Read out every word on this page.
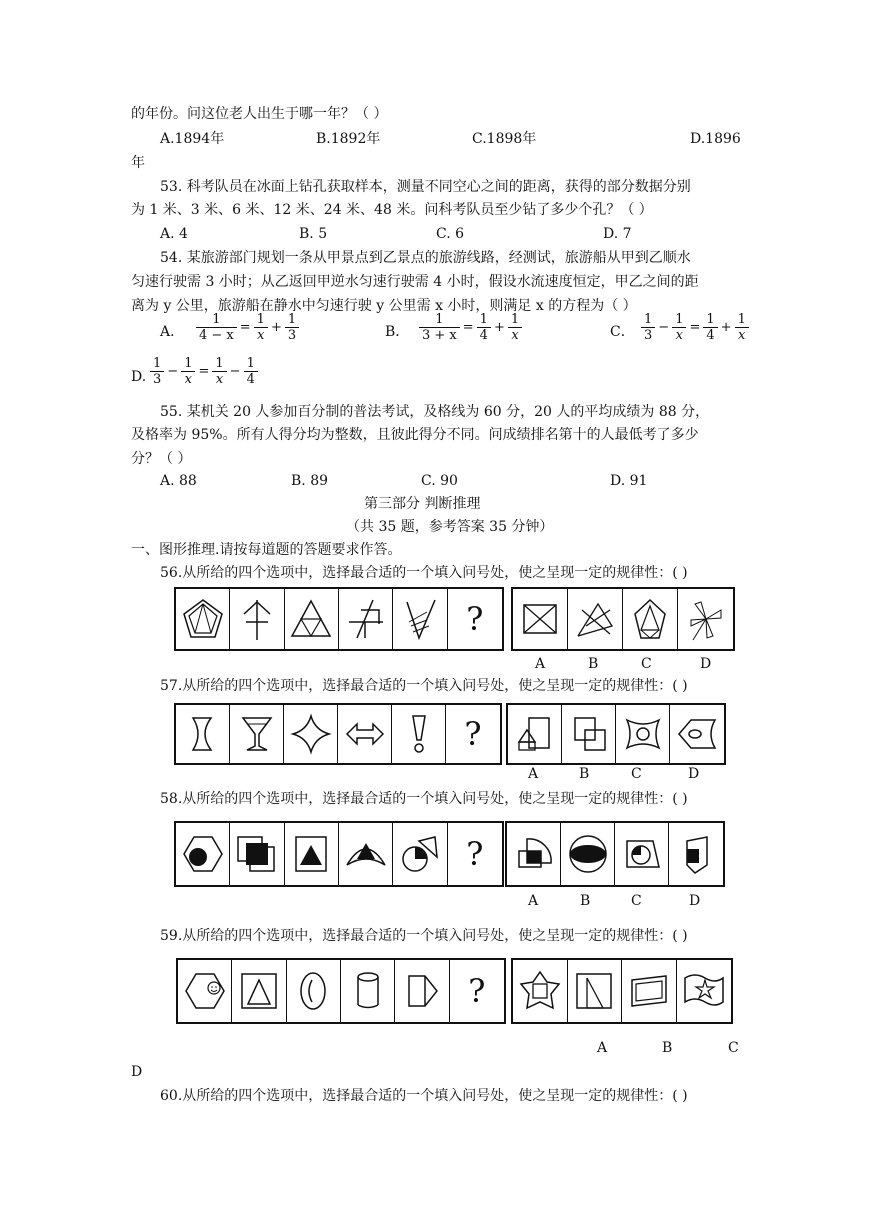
的年份。问这位老人出生于哪一年？（ ）
A.1894年	B.1892年	C.1898年	D.1896
年
53. 科考队员在冰面上钻孔获取样本，测量不同空心之间的距离，获得的部分数据分别
为 1 米、3 米、6 米、12 米、24 米、48 米。问科考队员至少钻了多少个孔？（ ）
A. 4	B. 5	C. 6	D. 7
54. 某旅游部门规划一条从甲景点到乙景点的旅游线路，经测试，旅游船从甲到乙顺水
匀速行驶需 3 小时；从乙返回甲逆水匀速行驶需 4 小时，假设水流速度恒定，甲乙之间的距
离为 y 公里，旅游船在静水中匀速行驶 y 公里需 x 小时，则满足 x 的方程为（ ）
A． $\frac{1}{4 - x} = \frac{1}{x} + \frac{1}{3}$	B． $\frac{1}{3 + x} = \frac{1}{4} + \frac{1}{x}$	C． $\frac{1}{3} - \frac{1}{x} = \frac{1}{4} + \frac{1}{x}$
D. $\frac{1}{3} - \frac{1}{x} = \frac{1}{x} - \frac{1}{4}$
55. 某机关 20 人参加百分制的普法考试，及格线为 60 分，20 人的平均成绩为 88 分，
及格率为 95%。所有人得分均为整数，且彼此得分不同。问成绩排名第十的人最低考了多少
分？（ ）
A. 88	B. 89	C. 90	D. 91
第三部分 判断推理
（共 35 题，参考答案 35 分钟）
一、图形推理.请按每道题的答题要求作答。
56.从所给的四个选项中，选择最合适的一个填入问号处，使之呈现一定的规律性：( )
?
A	B	C	D
57.从所给的四个选项中，选择最合适的一个填入问号处，使之呈现一定的规律性：( )
?
A	B	C	D
58.从所给的四个选项中，选择最合适的一个填入问号处，使之呈现一定的规律性：( )
?
A	B	C	D
59.从所给的四个选项中，选择最合适的一个填入问号处，使之呈现一定的规律性：( )
?
A	B	C
D
60.从所给的四个选项中，选择最合适的一个填入问号处，使之呈现一定的规律性：( )
